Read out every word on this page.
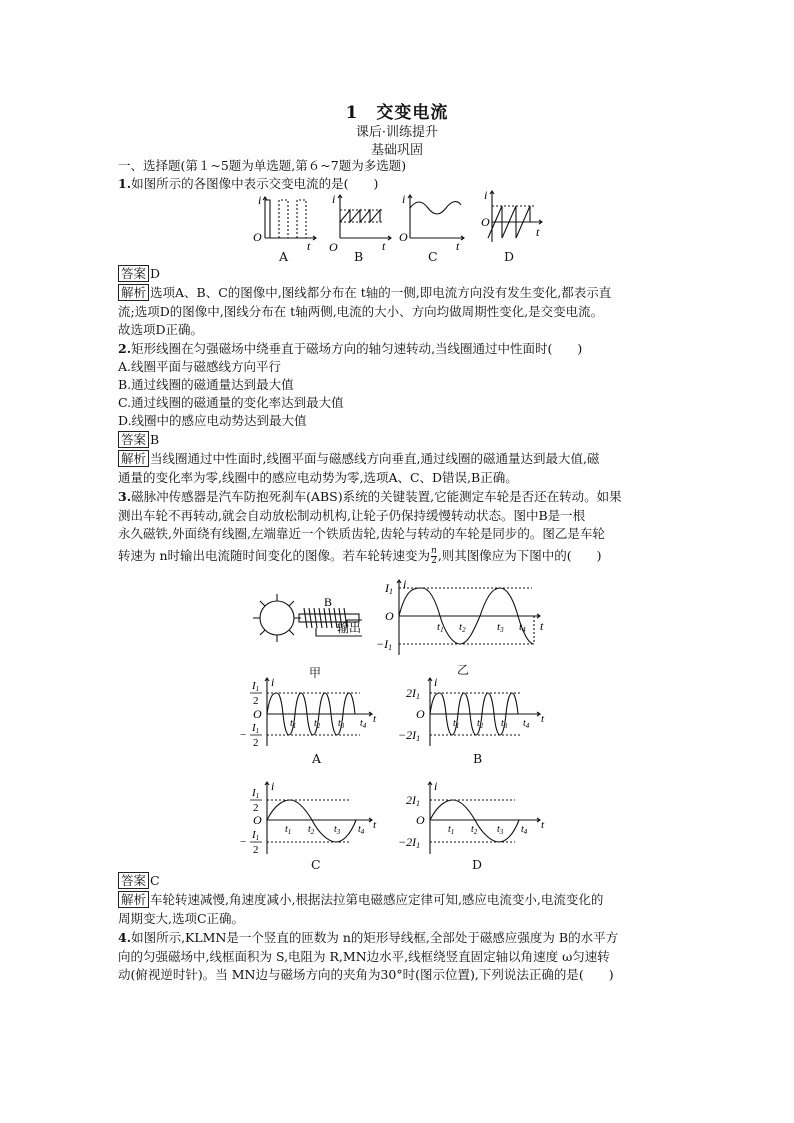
1　交变电流
课后·训练提升
基础巩固
一、选择题(第１~5题为单选题,第６~7题为多选题)
1.如图所示的各图像中表示交变电流的是(　　)
i
O
t
A
i
O	t
B
i
O
t
C
i
O
t
D
答案 D
解析 选项A、B、C的图像中,图线都分布在 t轴的一侧,即电流方向没有发生变化,都表示直
流;选项D的图像中,图线分布在 t轴两侧,电流的大小、方向均做周期性变化,是交变电流。
故选项D正确。
2.矩形线圈在匀强磁场中绕垂直于磁场方向的轴匀速转动,当线圈通过中性面时(　　)
A.线圈平面与磁感线方向平行
B.通过线圈的磁通量达到最大值
C.通过线圈的磁通量的变化率达到最大值
D.线圈中的感应电动势达到最大值
答案 B
解析 当线圈通过中性面时,线圈平面与磁感线方向垂直,通过线圈的磁通量达到最大值,磁
通量的变化率为零,线圈中的感应电动势为零,选项A、C、D错误,B正确。
3.磁脉冲传感器是汽车防抱死刹车(ABS)系统的关键装置,它能测定车轮是否还在转动。如果
测出车轮不再转动,就会自动放松制动机构,让轮子仍保持缓慢转动状态。图中B是一根
永久磁铁,外面绕有线圈,左端靠近一个铁质齿轮,齿轮与转动的车轮是同步的。图乙是车轮
转速为 n时输出电流随时间变化的图像。若车轮转速变为 $\frac{n}{2}$ ,则其图像应为下图中的(　　)
B
输出
甲
i
I1
O
−I1
t1 t2	t3 t4 t
乙
i
I1
2
O
−
I1
2
$t_1$ $t_2$ $t_3$ $t_4$
t
A
i
2I1
O
−2I1
$t_1$ $t_2$ $t_3$ $t_4$
t
B
i
I1
2
O
−
I1
2
$t_1$ $t_2$ $t_3$ $t_4$
t
C
i
2I1
O
−2I1
$t_1$ $t_2$ $t_3$ $t_4$
t
D
答案 C
解析 车轮转速减慢,角速度减小,根据法拉第电磁感应定律可知,感应电流变小,电流变化的
周期变大,选项C正确。
4.如图所示,KLMN是一个竖直的匝数为 n的矩形导线框,全部处于磁感应强度为 B的水平方
向的匀强磁场中,线框面积为 S,电阻为 R,MN边水平,线框绕竖直固定轴以角速度 ω匀速转
动(俯视逆时针)。当 MN边与磁场方向的夹角为30°时(图示位置),下列说法正确的是(　　)
